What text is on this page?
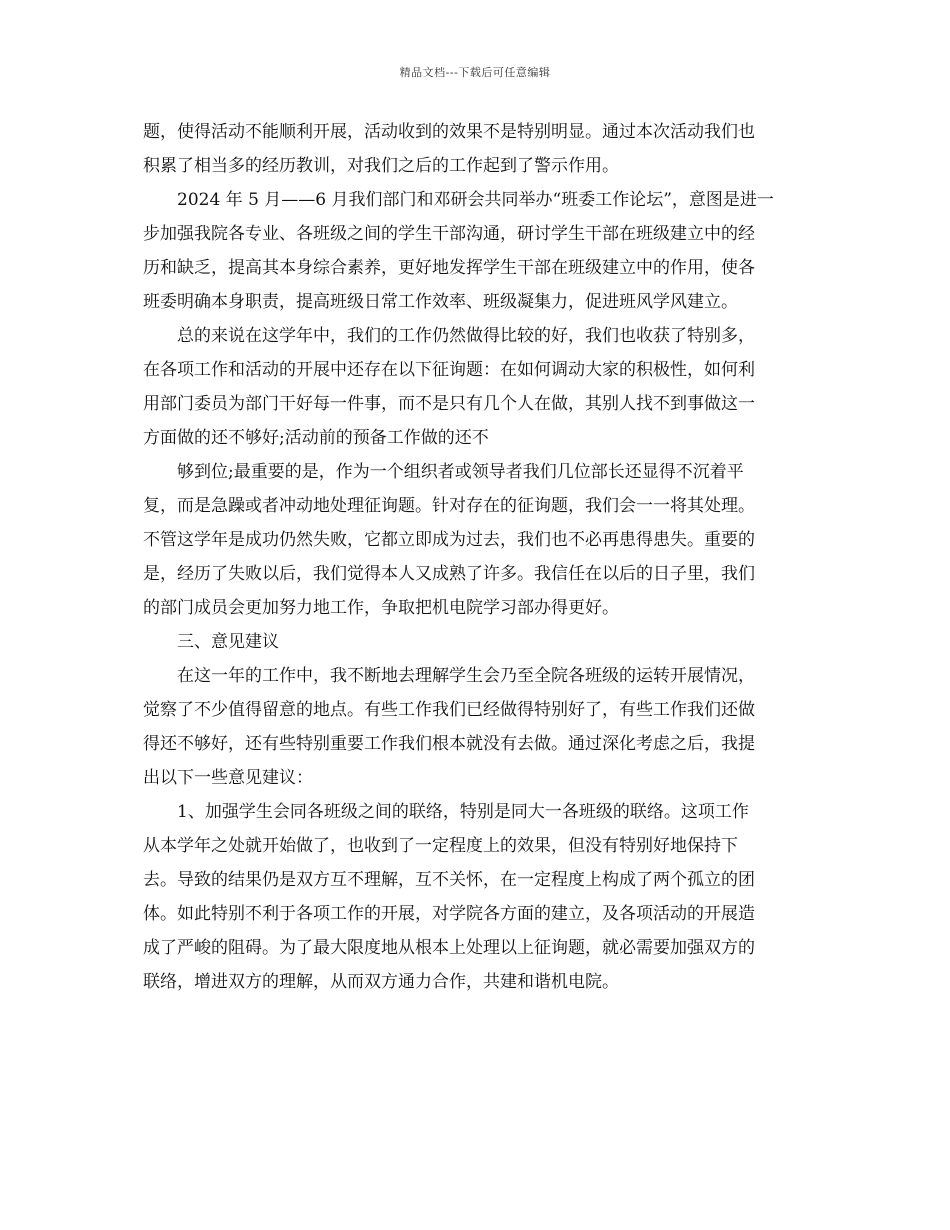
精品文档---下载后可任意编辑
题，使得活动不能顺利开展，活动收到的效果不是特别明显。通过本次活动我们也
积累了相当多的经历教训，对我们之后的工作起到了警示作用。
2024 年 5 月——6 月我们部门和邓研会共同举办“班委工作论坛”，意图是进一
步加强我院各专业、各班级之间的学生干部沟通，研讨学生干部在班级建立中的经
历和缺乏，提高其本身综合素养，更好地发挥学生干部在班级建立中的作用，使各
班委明确本身职责，提高班级日常工作效率、班级凝集力，促进班风学风建立。
总的来说在这学年中，我们的工作仍然做得比较的好，我们也收获了特别多，
在各项工作和活动的开展中还存在以下征询题：在如何调动大家的积极性，如何利
用部门委员为部门干好每一件事，而不是只有几个人在做，其别人找不到事做这一
方面做的还不够好;活动前的预备工作做的还不
够到位;最重要的是，作为一个组织者或领导者我们几位部长还显得不沉着平
复，而是急躁或者冲动地处理征询题。针对存在的征询题，我们会一一将其处理。
不管这学年是成功仍然失败，它都立即成为过去，我们也不必再患得患失。重要的
是，经历了失败以后，我们觉得本人又成熟了许多。我信任在以后的日子里，我们
的部门成员会更加努力地工作，争取把机电院学习部办得更好。
三、意见建议
在这一年的工作中，我不断地去理解学生会乃至全院各班级的运转开展情况，
觉察了不少值得留意的地点。有些工作我们已经做得特别好了，有些工作我们还做
得还不够好，还有些特别重要工作我们根本就没有去做。通过深化考虑之后，我提
出以下一些意见建议：
1、加强学生会同各班级之间的联络，特别是同大一各班级的联络。这项工作
从本学年之处就开始做了，也收到了一定程度上的效果，但没有特别好地保持下
去。导致的结果仍是双方互不理解，互不关怀，在一定程度上构成了两个孤立的团
体。如此特别不利于各项工作的开展，对学院各方面的建立，及各项活动的开展造
成了严峻的阻碍。为了最大限度地从根本上处理以上征询题，就必需要加强双方的
联络，增进双方的理解，从而双方通力合作，共建和谐机电院。
